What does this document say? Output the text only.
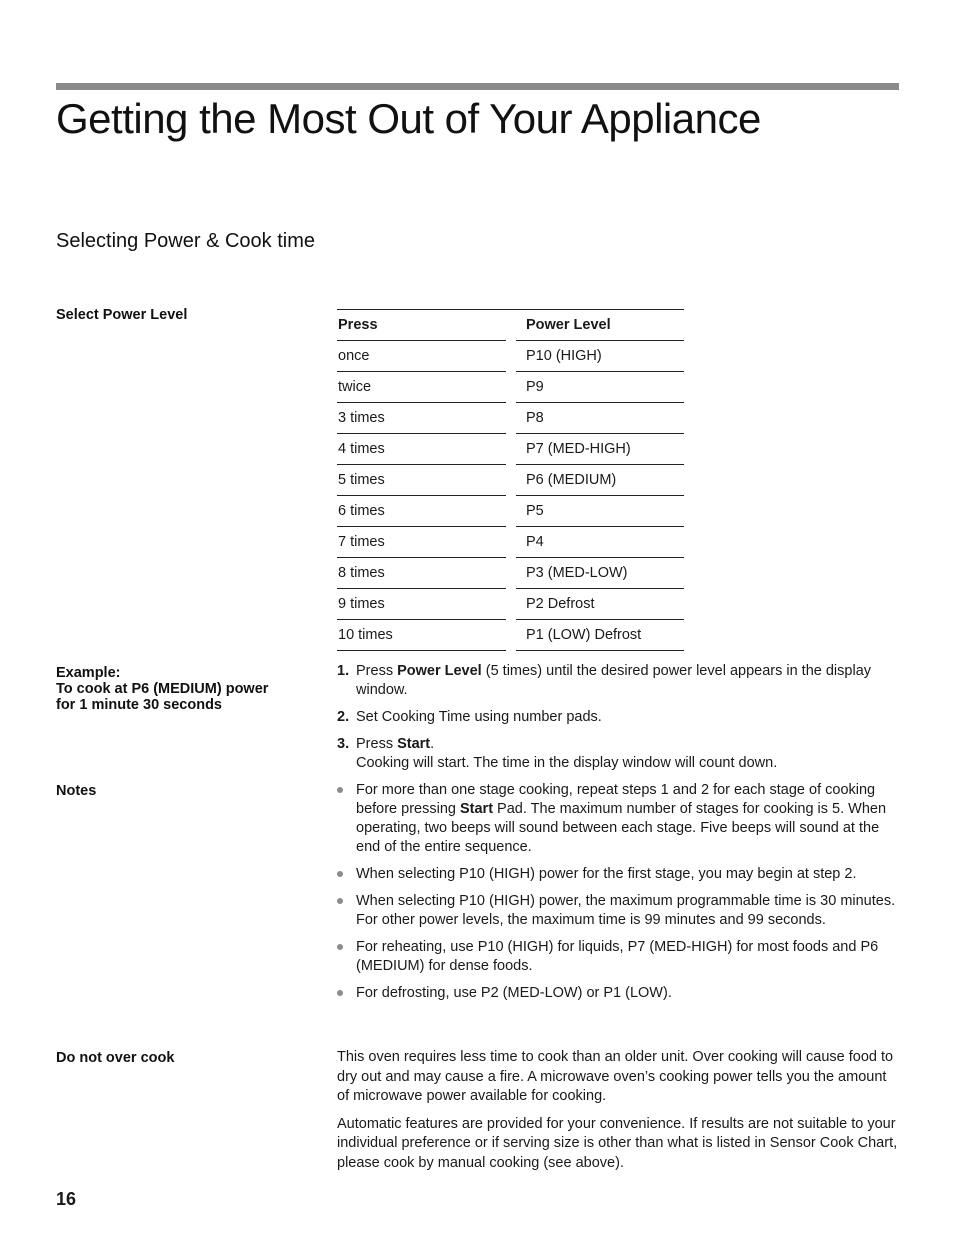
Getting the Most Out of Your Appliance
Selecting Power & Cook time
Select Power Level
Press		Power Level
once		P10 (HIGH)
twice		P9
3 times		P8
4 times		P7 (MED-HIGH)
5 times		P6 (MEDIUM)
6 times		P5
7 times		P4
8 times		P3 (MED-LOW)
9 times		P2 Defrost
10 times		P1 (LOW) Defrost
Example:
To cook at P6 (MEDIUM) power
for 1 minute 30 seconds
1. Press Power Level (5 times) until the desired power level appears in the display window.
2. Set Cooking Time using number pads.
3. Press Start.
Cooking will start. The time in the display window will count down.
Notes	For more than one stage cooking, repeat steps 1 and 2 for each stage of cooking before pressing Start Pad. The maximum number of stages for cooking is 5. When operating, two beeps will sound between each stage. Five beeps will sound at the end of the entire sequence.
When selecting P10 (HIGH) power for the first stage, you may begin at step 2.
When selecting P10 (HIGH) power, the maximum programmable time is 30 minutes. For other power levels, the maximum time is 99 minutes and 99 seconds.
For reheating, use P10 (HIGH) for liquids, P7 (MED-HIGH) for most foods and P6 (MEDIUM) for dense foods.
For defrosting, use P2 (MED-LOW) or P1 (LOW).
Do not over cook	This oven requires less time to cook than an older unit. Over cooking will cause food to dry out and may cause a fire. A microwave oven’s cooking power tells you the amount of microwave power available for cooking.

Automatic features are provided for your convenience. If results are not suitable to your individual preference or if serving size is other than what is listed in Sensor Cook Chart, please cook by manual cooking (see above).

16
